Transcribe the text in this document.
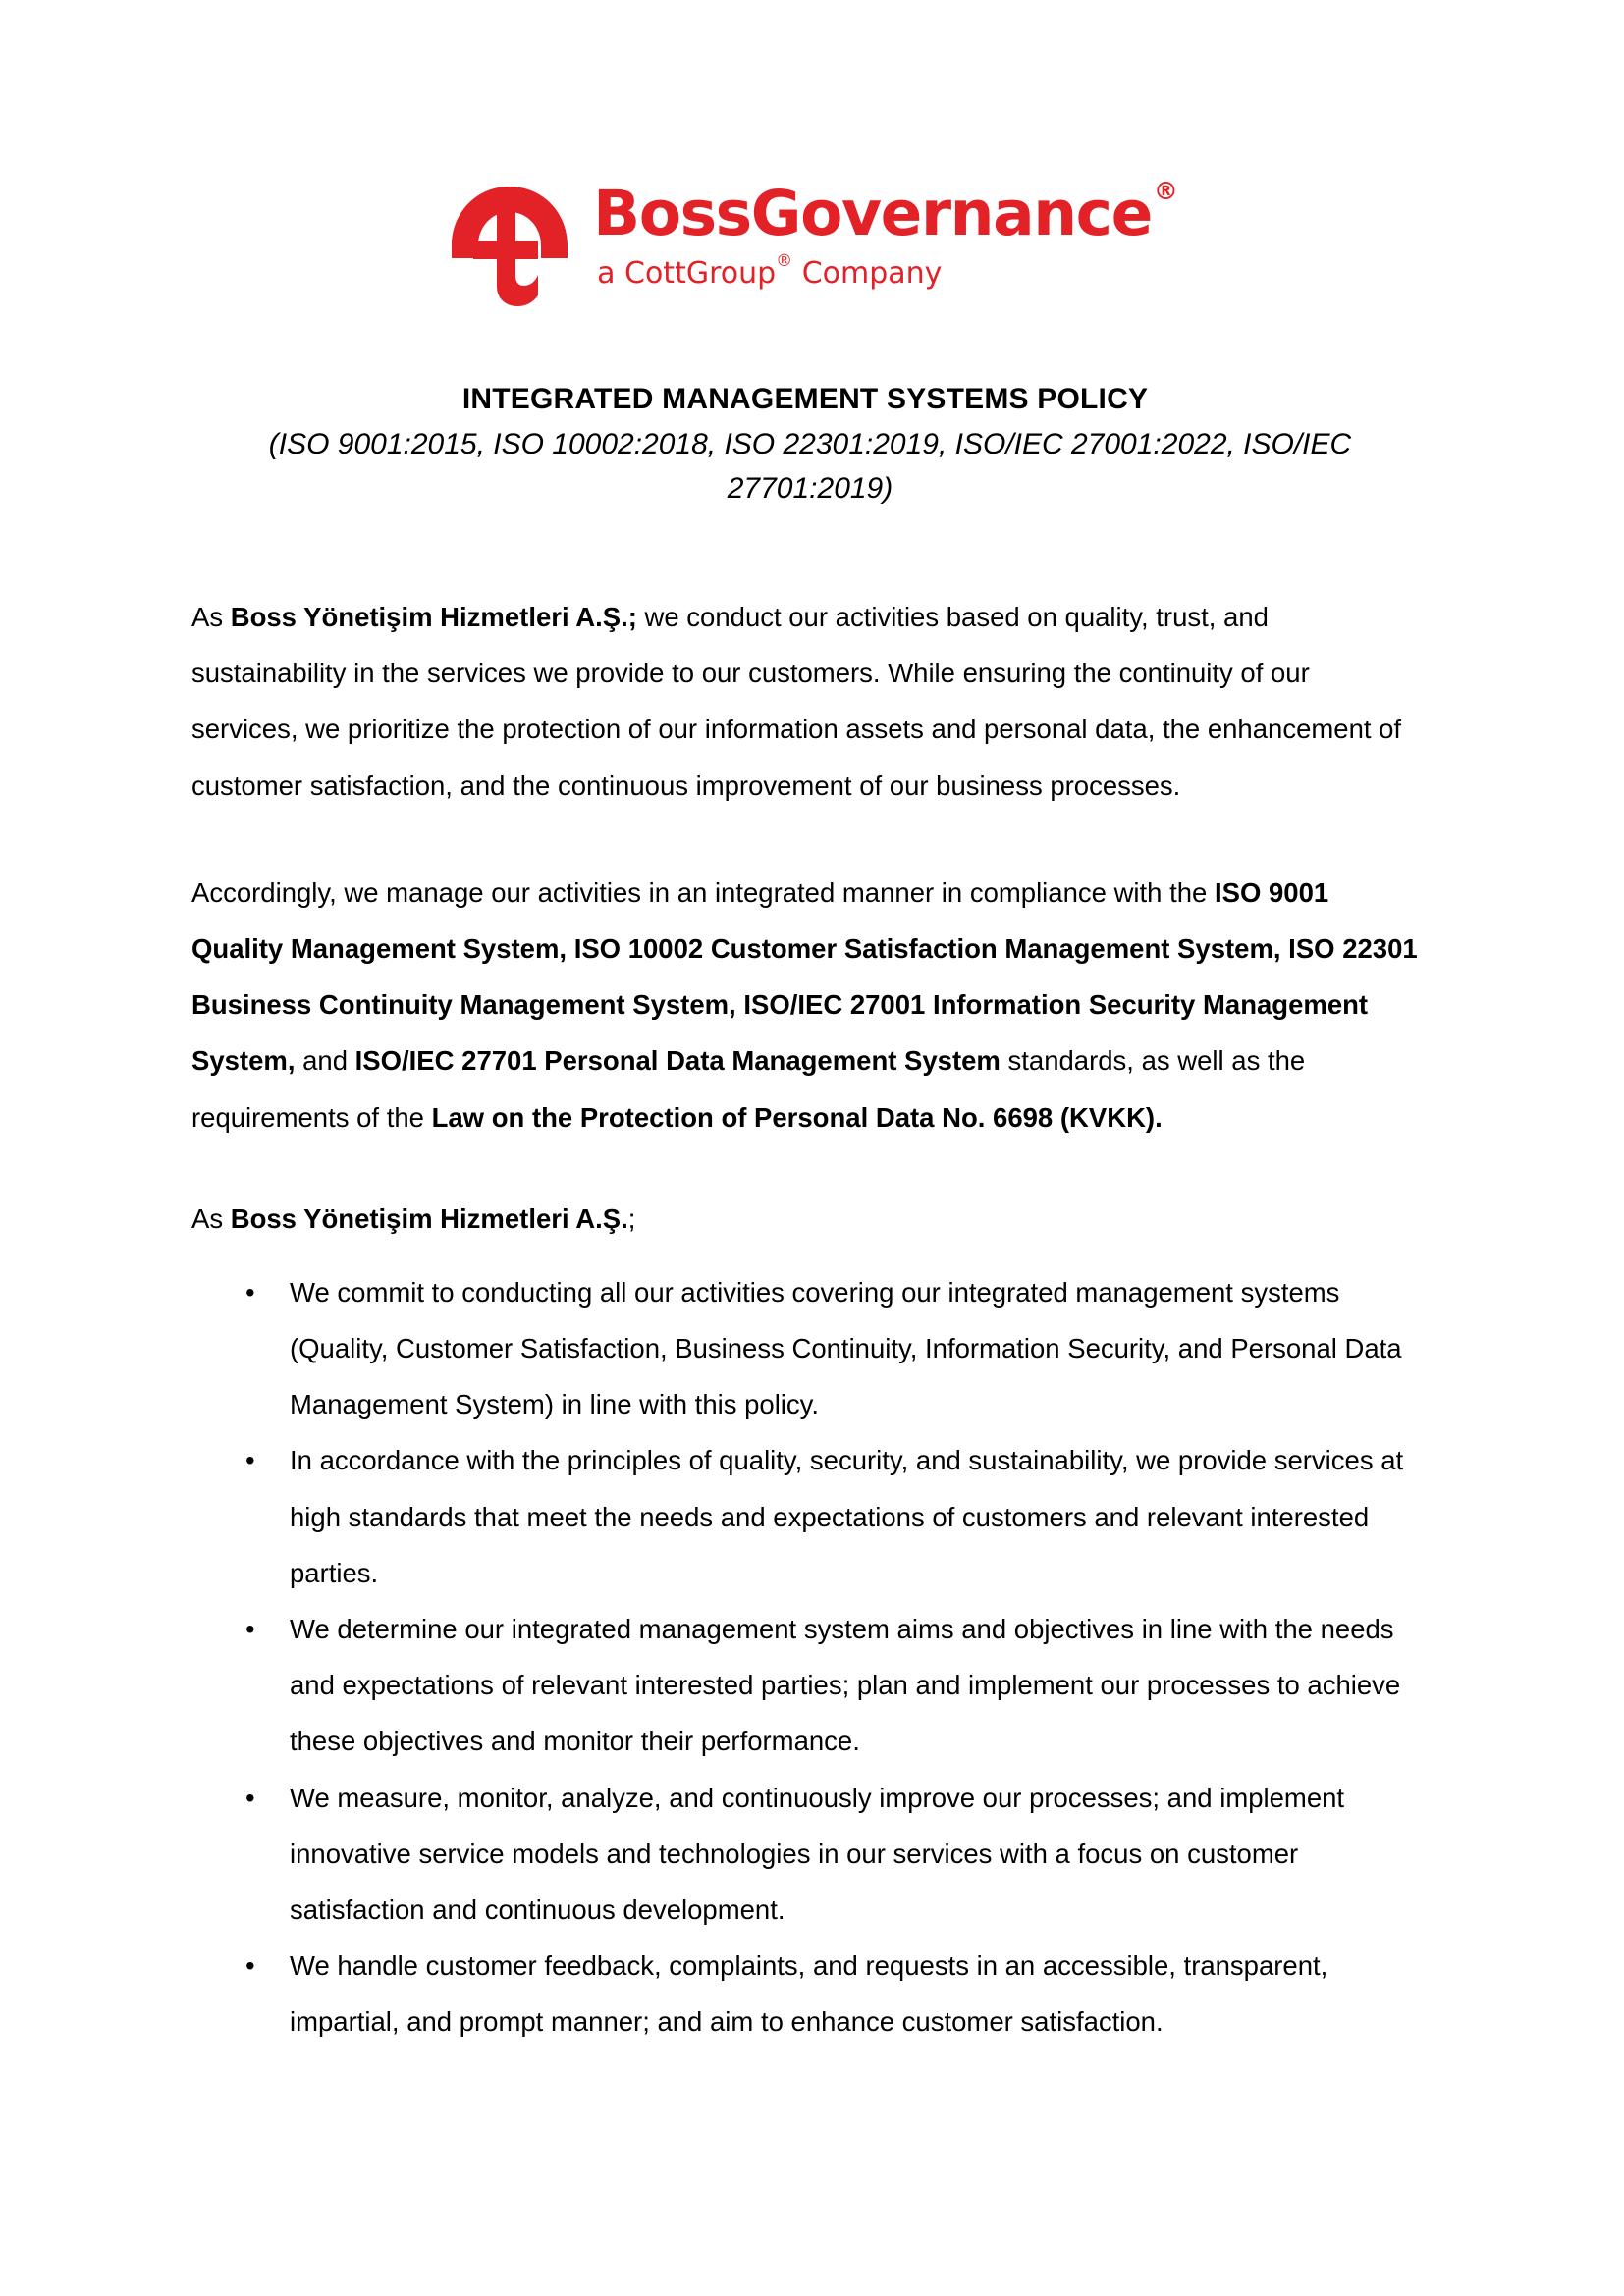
BossGovernance®
a CottGroup® Company
INTEGRATED MANAGEMENT SYSTEMS POLICY
(ISO 9001:2015, ISO 10002:2018, ISO 22301:2019, ISO/IEC 27001:2022, ISO/IEC 27701:2019)

As Boss Yönetişim Hizmetleri A.Ş.; we conduct our activities based on quality, trust, and sustainability in the services we provide to our customers. While ensuring the continuity of our services, we prioritize the protection of our information assets and personal data, the enhancement of customer satisfaction, and the continuous improvement of our business processes.

Accordingly, we manage our activities in an integrated manner in compliance with the ISO 9001 Quality Management System, ISO 10002 Customer Satisfaction Management System, ISO 22301 Business Continuity Management System, ISO/IEC 27001 Information Security Management System, and ISO/IEC 27701 Personal Data Management System standards, as well as the requirements of the Law on the Protection of Personal Data No. 6698 (KVKK).

As Boss Yönetişim Hizmetleri A.Ş.;

• We commit to conducting all our activities covering our integrated management systems (Quality, Customer Satisfaction, Business Continuity, Information Security, and Personal Data Management System) in line with this policy.
• In accordance with the principles of quality, security, and sustainability, we provide services at high standards that meet the needs and expectations of customers and relevant interested parties.
• We determine our integrated management system aims and objectives in line with the needs and expectations of relevant interested parties; plan and implement our processes to achieve these objectives and monitor their performance.
• We measure, monitor, analyze, and continuously improve our processes; and implement innovative service models and technologies in our services with a focus on customer satisfaction and continuous development.
• We handle customer feedback, complaints, and requests in an accessible, transparent, impartial, and prompt manner; and aim to enhance customer satisfaction.
